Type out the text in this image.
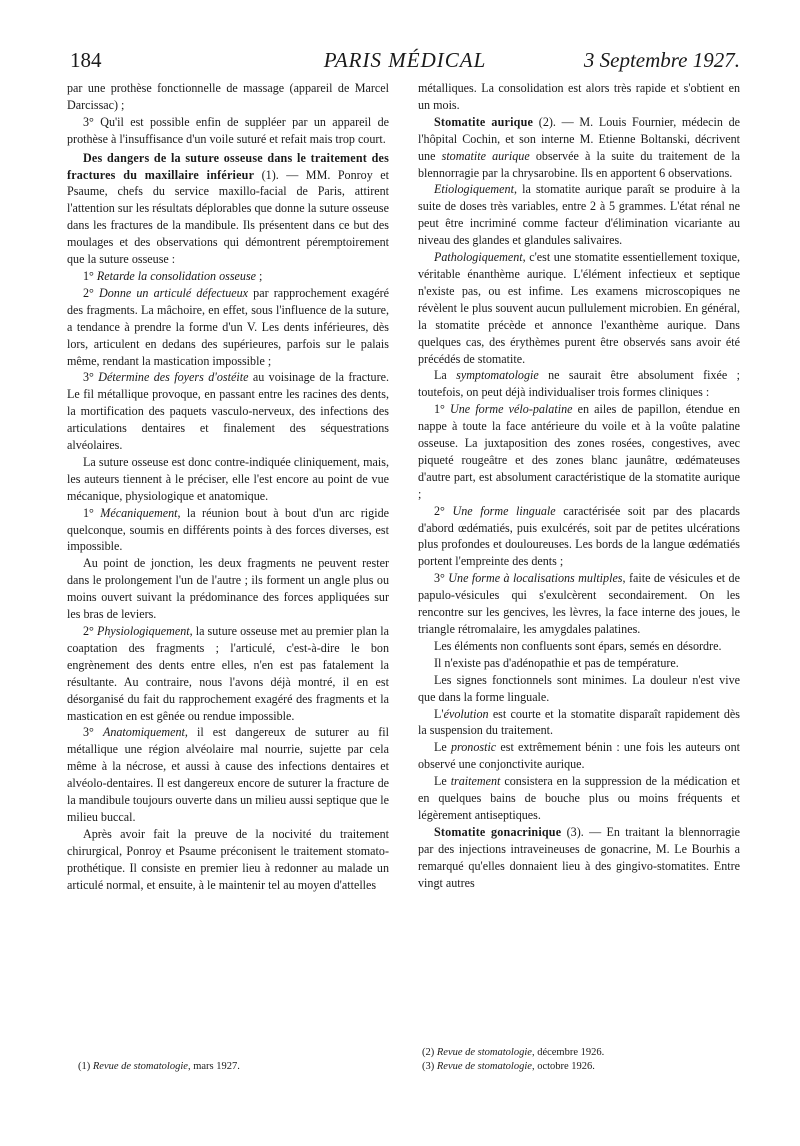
184	PARIS MÉDICAL	3 Septembre 1927.

par une prothèse fonctionnelle de massage (appareil de Marcel Darcissac) ;

3° Qu'il est possible enfin de suppléer par un appareil de prothèse à l'insuffisance d'un voile suturé et refait mais trop court.

Des dangers de la suture osseuse dans le traitement des fractures du maxillaire inférieur (1). — MM. Ponroy et Psaume, chefs du service maxillo-facial de Paris, attirent l'attention sur les résultats déplorables que donne la suture osseuse dans les fractures de la mandibule. Ils présentent dans ce but des moulages et des observations qui démontrent péremptoirement que la suture osseuse :

1° Retarde la consolidation osseuse ;

2° Donne un articulé défectueux par rapprochement exagéré des fragments. La mâchoire, en effet, sous l'influence de la suture, a tendance à prendre la forme d'un V. Les dents inférieures, dès lors, articulent en dedans des supérieures, parfois sur le palais même, rendant la mastication impossible ;

3° Détermine des foyers d'ostéite au voisinage de la fracture. Le fil métallique provoque, en passant entre les racines des dents, la mortification des paquets vasculo-nerveux, des infections des articulations dentaires et finalement des séquestrations alvéolaires.

La suture osseuse est donc contre-indiquée cliniquement, mais, les auteurs tiennent à le préciser, elle l'est encore au point de vue mécanique, physiologique et anatomique.

1° Mécaniquement, la réunion bout à bout d'un arc rigide quelconque, soumis en différents points à des forces diverses, est impossible.

Au point de jonction, les deux fragments ne peuvent rester dans le prolongement l'un de l'autre ; ils forment un angle plus ou moins ouvert suivant la prédominance des forces appliquées sur les bras de leviers.

2° Physiologiquement, la suture osseuse met au premier plan la coaptation des fragments ; l'articulé, c'est-à-dire le bon engrènement des dents entre elles, n'en est pas fatalement la résultante. Au contraire, nous l'avons déjà montré, il en est désorganisé du fait du rapprochement exagéré des fragments et la mastication en est gênée ou rendue impossible.

3° Anatomiquement, il est dangereux de suturer au fil métallique une région alvéolaire mal nourrie, sujette par cela même à la nécrose, et aussi à cause des infections dentaires et alvéolo-dentaires. Il est dangereux encore de suturer la fracture de la mandibule toujours ouverte dans un milieu aussi septique que le milieu buccal.

Après avoir fait la preuve de la nocivité du traitement chirurgical, Ponroy et Psaume préconisent le traitement stomato-prothétique. Il consiste en premier lieu à redonner au malade un articulé normal, et ensuite, à le maintenir tel au moyen d'attelles

métalliques. La consolidation est alors très rapide et s'obtient en un mois.

Stomatite aurique (2). — M. Louis Fournier, médecin de l'hôpital Cochin, et son interne M. Etienne Boltanski, décrivent une stomatite aurique observée à la suite du traitement de la blennorragie par la chrysarobine. Ils en apportent 6 observations.

Etiologiquement, la stomatite aurique paraît se produire à la suite de doses très variables, entre 2 à 5 grammes. L'état rénal ne peut être incriminé comme facteur d'élimination vicariante au niveau des glandes et glandules salivaires.

Pathologiquement, c'est une stomatite essentiellement toxique, véritable énanthème aurique. L'élément infectieux et septique n'existe pas, ou est infime. Les examens microscopiques ne révèlent le plus souvent aucun pullulement microbien. En général, la stomatite précède et annonce l'exanthème aurique. Dans quelques cas, des érythèmes purent être observés sans avoir été précédés de stomatite.

La symptomatologie ne saurait être absolument fixée ; toutefois, on peut déjà individualiser trois formes cliniques :

1° Une forme vélo-palatine en ailes de papillon, étendue en nappe à toute la face antérieure du voile et à la voûte palatine osseuse. La juxtaposition des zones rosées, congestives, avec piqueté rougeâtre et des zones blanc jaunâtre, œdémateuses d'autre part, est absolument caractéristique de la stomatite aurique ;

2° Une forme linguale caractérisée soit par des placards d'abord œdématiés, puis exulcérés, soit par de petites ulcérations plus profondes et douloureuses. Les bords de la langue œdématiés portent l'empreinte des dents ;

3° Une forme à localisations multiples, faite de vésicules et de papulo-vésicules qui s'exulcèrent secondairement. On les rencontre sur les gencives, les lèvres, la face interne des joues, le triangle rétromalaire, les amygdales palatines.

Les éléments non confluents sont épars, semés en désordre.

Il n'existe pas d'adénopathie et pas de température.

Les signes fonctionnels sont minimes. La douleur n'est vive que dans la forme linguale.

L'évolution est courte et la stomatite disparaît rapidement dès la suspension du traitement.

Le pronostic est extrêmement bénin : une fois les auteurs ont observé une conjonctivite aurique.

Le traitement consistera en la suppression de la médication et en quelques bains de bouche plus ou moins fréquents et légèrement antiseptiques.

Stomatite gonacrinique (3). — En traitant la blennorragie par des injections intraveineuses de gonacrine, M. Le Bourhis a remarqué qu'elles donnaient lieu à des gingivo-stomatites. Entre vingt autres

(1) Revue de stomatologie, mars 1927.
(2) Revue de stomatologie, décembre 1926.
(3) Revue de stomatologie, octobre 1926.
